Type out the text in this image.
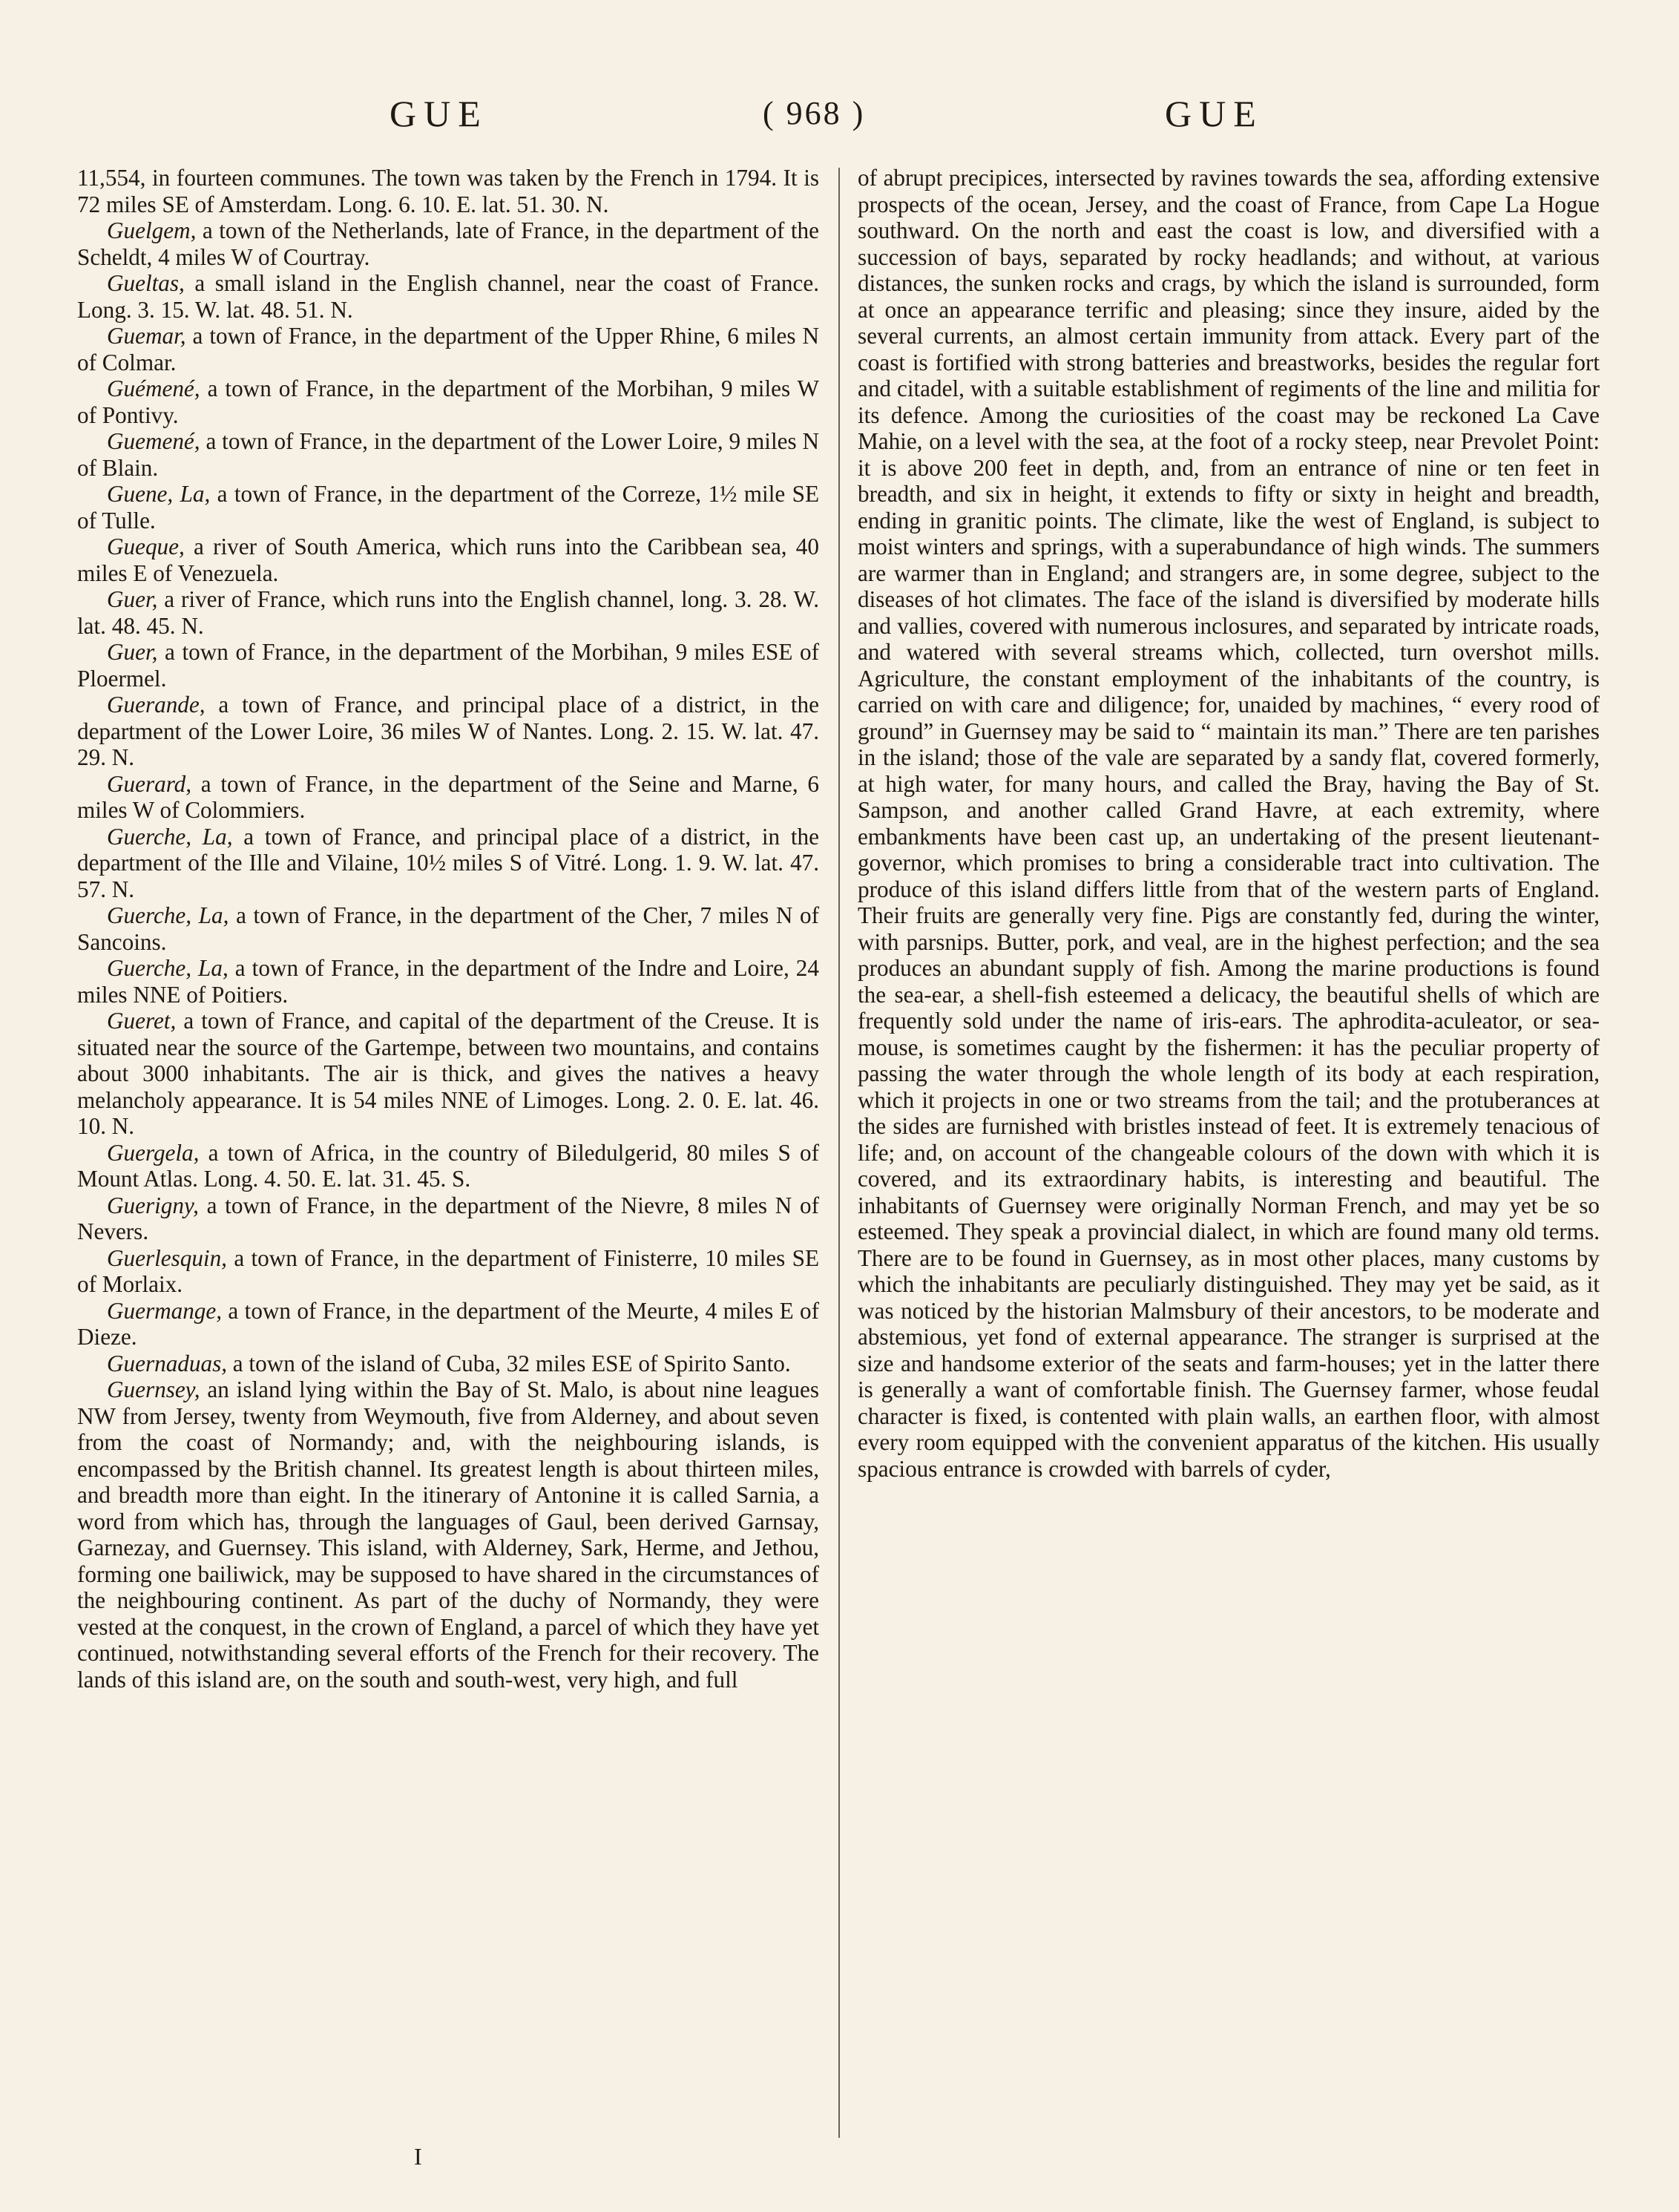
GUE	( 968 )	GUE

11,554, in fourteen communes. The town was taken by the French in 1794. It is 72 miles SE of Amsterdam. Long. 6. 10. E. lat. 51. 30. N.

Guelgem, a town of the Netherlands, late of France, in the department of the Scheldt, 4 miles W of Courtray.

Gueltas, a small island in the English channel, near the coast of France. Long. 3. 15. W. lat. 48. 51. N.

Guemar, a town of France, in the department of the Upper Rhine, 6 miles N of Colmar.

Guémené, a town of France, in the department of the Morbihan, 9 miles W of Pontivy.

Guemené, a town of France, in the department of the Lower Loire, 9 miles N of Blain.

Guene, La, a town of France, in the department of the Correze, 1½ mile SE of Tulle.

Gueque, a river of South America, which runs into the Caribbean sea, 40 miles E of Venezuela.

Guer, a river of France, which runs into the English channel, long. 3. 28. W. lat. 48. 45. N.

Guer, a town of France, in the department of the Morbihan, 9 miles ESE of Ploermel.

Guerande, a town of France, and principal place of a district, in the department of the Lower Loire, 36 miles W of Nantes. Long. 2. 15. W. lat. 47. 29. N.

Guerard, a town of France, in the department of the Seine and Marne, 6 miles W of Colommiers.

Guerche, La, a town of France, and principal place of a district, in the department of the Ille and Vilaine, 10½ miles S of Vitré. Long. 1. 9. W. lat. 47. 57. N.

Guerche, La, a town of France, in the department of the Cher, 7 miles N of Sancoins.

Guerche, La, a town of France, in the department of the Indre and Loire, 24 miles NNE of Poitiers.

Gueret, a town of France, and capital of the department of the Creuse. It is situated near the source of the Gartempe, between two mountains, and contains about 3000 inhabitants. The air is thick, and gives the natives a heavy melancholy appearance. It is 54 miles NNE of Limoges. Long. 2. 0. E. lat. 46. 10. N.

Guergela, a town of Africa, in the country of Biledulgerid, 80 miles S of Mount Atlas. Long. 4. 50. E. lat. 31. 45. S.

Guerigny, a town of France, in the department of the Nievre, 8 miles N of Nevers.

Guerlesquin, a town of France, in the department of Finisterre, 10 miles SE of Morlaix.

Guermange, a town of France, in the department of the Meurte, 4 miles E of Dieze.

Guernaduas, a town of the island of Cuba, 32 miles ESE of Spirito Santo.

Guernsey, an island lying within the Bay of St. Malo, is about nine leagues NW from Jersey, twenty from Weymouth, five from Alderney, and about seven from the coast of Normandy; and, with the neighbouring islands, is encompassed by the British channel. Its greatest length is about thirteen miles, and breadth more than eight. In the itinerary of Antonine it is called Sarnia, a word from which has, through the languages of Gaul, been derived Garnsay, Garnezay, and Guernsey. This island, with Alderney, Sark, Herme, and Jethou, forming one bailiwick, may be supposed to have shared in the circumstances of the neighbouring continent. As part of the duchy of Normandy, they were vested at the conquest, in the crown of England, a parcel of which they have yet continued, notwithstanding several efforts of the French for their recovery. The lands of this island are, on the south and south-west, very high, and full

of abrupt precipices, intersected by ravines towards the sea, affording extensive prospects of the ocean, Jersey, and the coast of France, from Cape La Hogue southward. On the north and east the coast is low, and diversified with a succession of bays, separated by rocky headlands; and without, at various distances, the sunken rocks and crags, by which the island is surrounded, form at once an appearance terrific and pleasing; since they insure, aided by the several currents, an almost certain immunity from attack. Every part of the coast is fortified with strong batteries and breastworks, besides the regular fort and citadel, with a suitable establishment of regiments of the line and militia for its defence. Among the curiosities of the coast may be reckoned La Cave Mahie, on a level with the sea, at the foot of a rocky steep, near Prevolet Point: it is above 200 feet in depth, and, from an entrance of nine or ten feet in breadth, and six in height, it extends to fifty or sixty in height and breadth, ending in granitic points. The climate, like the west of England, is subject to moist winters and springs, with a superabundance of high winds. The summers are warmer than in England; and strangers are, in some degree, subject to the diseases of hot climates. The face of the island is diversified by moderate hills and vallies, covered with numerous inclosures, and separated by intricate roads, and watered with several streams which, collected, turn overshot mills. Agriculture, the constant employment of the inhabitants of the country, is carried on with care and diligence; for, unaided by machines, “ every rood of ground” in Guernsey may be said to “ maintain its man.” There are ten parishes in the island; those of the vale are separated by a sandy flat, covered formerly, at high water, for many hours, and called the Bray, having the Bay of St. Sampson, and another called Grand Havre, at each extremity, where embankments have been cast up, an undertaking of the present lieutenant-governor, which promises to bring a considerable tract into cultivation. The produce of this island differs little from that of the western parts of England. Their fruits are generally very fine. Pigs are constantly fed, during the winter, with parsnips. Butter, pork, and veal, are in the highest perfection; and the sea produces an abundant supply of fish. Among the marine productions is found the sea-ear, a shell-fish esteemed a delicacy, the beautiful shells of which are frequently sold under the name of iris-ears. The aphrodita-aculeator, or sea-mouse, is sometimes caught by the fishermen: it has the peculiar property of passing the water through the whole length of its body at each respiration, which it projects in one or two streams from the tail; and the protuberances at the sides are furnished with bristles instead of feet. It is extremely tenacious of life; and, on account of the changeable colours of the down with which it is covered, and its extraordinary habits, is interesting and beautiful. The inhabitants of Guernsey were originally Norman French, and may yet be so esteemed. They speak a provincial dialect, in which are found many old terms. There are to be found in Guernsey, as in most other places, many customs by which the inhabitants are peculiarly distinguished. They may yet be said, as it was noticed by the historian Malmsbury of their ancestors, to be moderate and abstemious, yet fond of external appearance. The stranger is surprised at the size and handsome exterior of the seats and farm-houses; yet in the latter there is generally a want of comfortable finish. The Guernsey farmer, whose feudal character is fixed, is contented with plain walls, an earthen floor, with almost every room equipped with the convenient apparatus of the kitchen. His usually spacious entrance is crowded with barrels of cyder,

I
